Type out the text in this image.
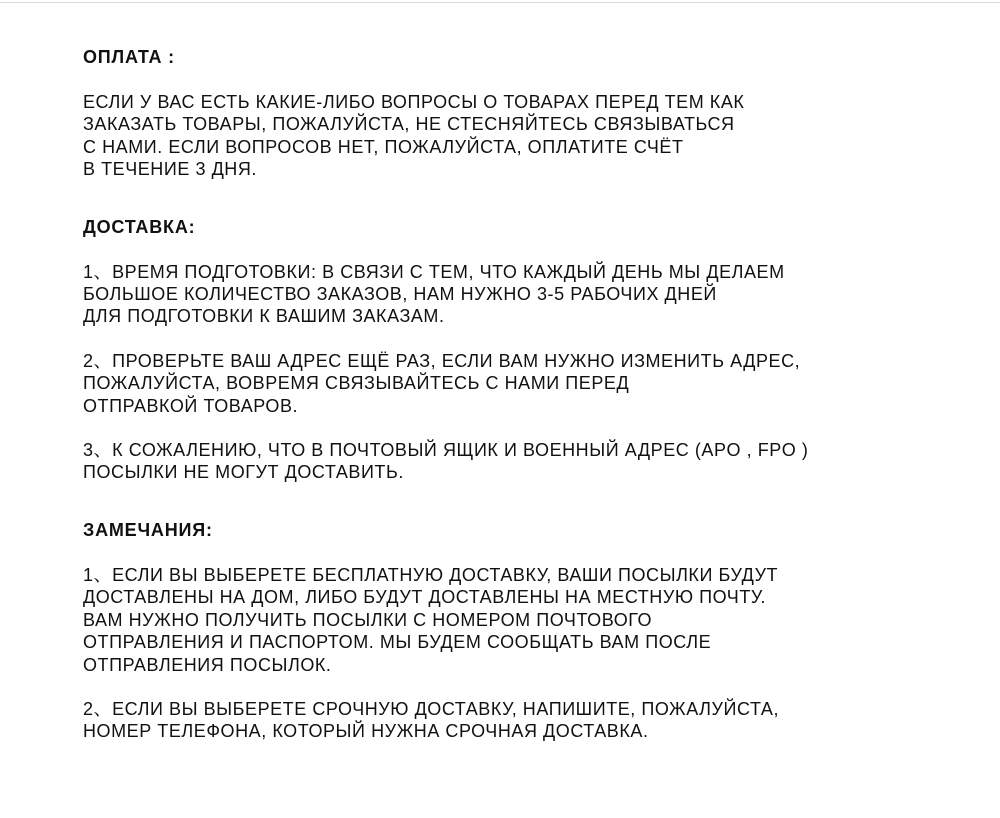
ОПЛАТА :

ЕСЛИ У ВАС ЕСТЬ КАКИЕ-ЛИБО ВОПРОСЫ О ТОВАРАХ ПЕРЕД ТЕМ КАК
ЗАКАЗАТЬ ТОВАРЫ, ПОЖАЛУЙСТА, НЕ СТЕСНЯЙТЕСЬ СВЯЗЫВАТЬСЯ
С НАМИ. ЕСЛИ ВОПРОСОВ НЕТ, ПОЖАЛУЙСТА, ОПЛАТИТЕ СЧЁТ
В ТЕЧЕНИЕ 3 ДНЯ.

ДОСТАВКА:

1、ВРЕМЯ ПОДГОТОВКИ: В СВЯЗИ С ТЕМ, ЧТО КАЖДЫЙ ДЕНЬ МЫ ДЕЛАЕМ
БОЛЬШОЕ КОЛИЧЕСТВО ЗАКАЗОВ, НАМ НУЖНО 3-5 РАБОЧИХ ДНЕЙ
ДЛЯ ПОДГОТОВКИ К ВАШИМ ЗАКАЗАМ.

2、ПРОВЕРЬТЕ ВАШ АДРЕС ЕЩЁ РАЗ, ЕСЛИ ВАМ НУЖНО ИЗМЕНИТЬ АДРЕС,
ПОЖАЛУЙСТА, ВОВРЕМЯ СВЯЗЫВАЙТЕСЬ С НАМИ ПЕРЕД
ОТПРАВКОЙ ТОВАРОВ.

3、К СОЖАЛЕНИЮ, ЧТО В ПОЧТОВЫЙ ЯЩИК И ВОЕННЫЙ АДРЕС (APO , FPO )
ПОСЫЛКИ НЕ МОГУТ ДОСТАВИТЬ.

ЗАМЕЧАНИЯ:

1、ЕСЛИ ВЫ ВЫБЕРЕТЕ БЕСПЛАТНУЮ ДОСТАВКУ, ВАШИ ПОСЫЛКИ БУДУТ
ДОСТАВЛЕНЫ НА ДОМ, ЛИБО БУДУТ ДОСТАВЛЕНЫ НА МЕСТНУЮ ПОЧТУ.
ВАМ НУЖНО ПОЛУЧИТЬ ПОСЫЛКИ С НОМЕРОМ ПОЧТОВОГО
ОТПРАВЛЕНИЯ И ПАСПОРТОМ. МЫ БУДЕМ СООБЩАТЬ ВАМ ПОСЛЕ
ОТПРАВЛЕНИЯ ПОСЫЛОК.

2、ЕСЛИ ВЫ ВЫБЕРЕТЕ СРОЧНУЮ ДОСТАВКУ, НАПИШИТЕ, ПОЖАЛУЙСТА,
НОМЕР ТЕЛЕФОНА, КОТОРЫЙ НУЖНА СРОЧНАЯ ДОСТАВКА.
